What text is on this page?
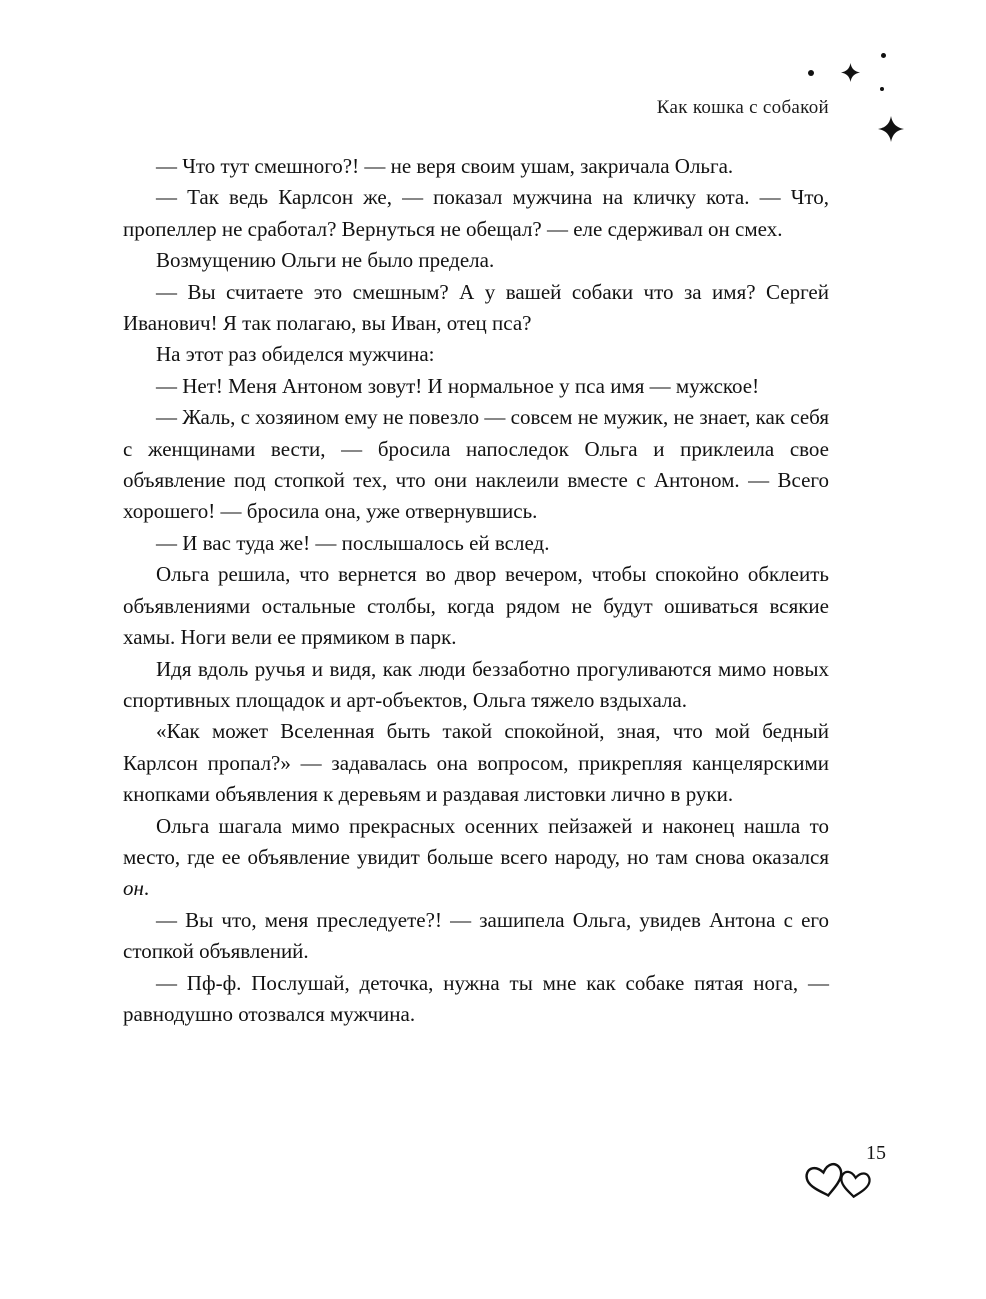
Как кошка с собакой

— Что тут смешного?! — не веря своим ушам, закричала Ольга.

— Так ведь Карлсон же, — показал мужчина на кличку кота. — Что, пропеллер не сработал? Вернуться не обещал? — еле сдерживал он смех.

Возмущению Ольги не было предела.

— Вы считаете это смешным? А у вашей собаки что за имя? Сергей Иванович! Я так полагаю, вы Иван, отец пса?

На этот раз обиделся мужчина:

— Нет! Меня Антоном зовут! И нормальное у пса имя — мужское!

— Жаль, с хозяином ему не повезло — совсем не мужик, не знает, как себя с женщинами вести, — бросила напоследок Ольга и приклеила свое объявление под стопкой тех, что они наклеили вместе с Антоном. — Всего хорошего! — бросила она, уже отвернувшись.

— И вас туда же! — послышалось ей вслед.

Ольга решила, что вернется во двор вечером, чтобы спокойно обклеить объявлениями остальные столбы, когда рядом не будут ошиваться всякие хамы. Ноги вели ее прямиком в парк.

Идя вдоль ручья и видя, как люди беззаботно прогуливаются мимо новых спортивных площадок и арт-объектов, Ольга тяжело вздыхала.

«Как может Вселенная быть такой спокойной, зная, что мой бедный Карлсон пропал?» — задавалась она вопросом, прикрепляя канцелярскими кнопками объявления к деревьям и раздавая листовки лично в руки.

Ольга шагала мимо прекрасных осенних пейзажей и наконец нашла то место, где ее объявление увидит больше всего народу, но там снова оказался он.

— Вы что, меня преследуете?! — зашипела Ольга, увидев Антона с его стопкой объявлений.

— Пф-ф. Послушай, деточка, нужна ты мне как собаке пятая нога, — равнодушно отозвался мужчина.

15
